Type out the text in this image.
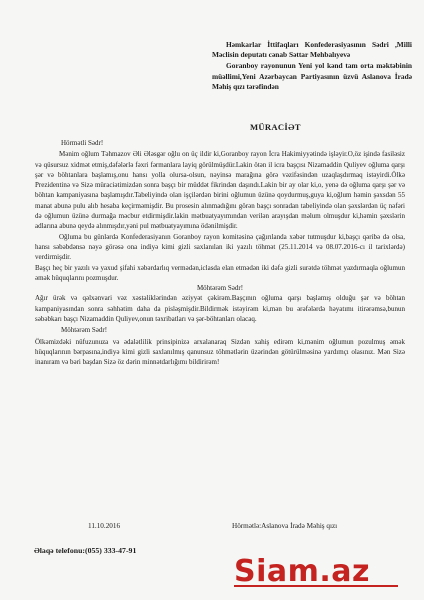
Həmkarlar İttifaqları Konfederasiyasının Sədri ,Milli Məclisin deputatı cənab Səttar Mehbalıyevə
Goranboy rayonunun Yeni yol kənd tam orta məktəbinin müəllimi,Yeni Azərbaycan Partiyasının üzvü Aslanova İradə Məhiş qızı tərəfindən
MÜRACİƏT

Hörmətli Sədr!

Mənim oğlum Təhmazov Əli Ələsgər oğlu on üç ildir ki,Goranboy rayon İcra Hakimiyyətində işləyir.O,öz işində fasiləsiz və qüsursuz xidmət etmiş,dəfələrlə fəxri fərmanlara layiq görülmüşdür.Lakin ötən il icra başçısı Nizamaddin Quliyev oğluma qarşı şər və böhtanlara başlamış,onu hansı yolla olursa-olsun, nəyinsə marağına görə vəzifəsindən uzaqlaşdırmaq istəyirdi.Ölkə Prezidentinə və Sizə müraciətimizdən sonra başçı bir müddət fikrindən daşındı.Lakin bir ay olar ki,o, yenə də oğluma qarşı şər və böhtan kampaniyasına başlamışdır.Tabeliyində olan işçilərdən birini oğlumun üzünə qoydurmuş,guya ki,oğlum həmin şəxsdən 55 manat abunə pulu alıb hesaba keçirməmişdir. Bu prosesin alınmadığını görən başçı sonradan tabeliyində olan şəxslərdən üç nəfəri də oğlumun üzünə durmağa məcbur etdirmişdir.lakin mətbuatyayımından verilən arayışdan məlum olmuşdur ki,həmin şəxslərin adlarına abunə qeydə alınmışdır,yəni pul mətbuatyayımına ödənilmişdir.

Oğluma bu günlərdə Konfederasiyanın Goranboy rayon komitəsinə çağırılanda xəbər tutmuşdur ki,başçı qəribə də olsa, hansı səbəbdənsə nəyə görəsə ona indiyə kimi gizli saxlanılan iki yazılı töhmət (25.11.2014 və 08.07.2016-cı il tarixlərdə) verdirmişdir.

Başçı heç bir yazılı və yaxud şifahi xəbərdarlıq vermədən,iclasda elan etmədən iki dəfə gizli surətdə töhmət yazdırmaqla oğlumun əmək hüquqlarını pozmuşdur.

Möhtərəm Sədr!

Ağır ürək və qəlxənvari vəz xəstəliklərindən əziyyət çəkirəm.Başçının oğluma qarşı başlamış olduğu şər və böhtan kampaniyasından sonra səhhətim daha da pisləşmişdir.Bildirmək istəyirəm ki,mən bu ərəfələrdə həyatımı itirərəmsə,bunun səbəbkarı başçı Nizamaddin Quliyev,onun təxribatları və şər-böhtanları olacaq.

Möhtərəm Sədr!

Ölkəmizdəki nüfuzunuza və ədalətlilik prinsipinizə arxalanaraq Sizdən xahiş edirəm ki,mənim oğlumun pozulmuş əmək hüquqlarının bərpasına,indiyə kimi gizli saxlanılmış qanunsuz töhmətlərin üzərindən götürülməsinə yardımçı olasınız. Mən Sizə inanıram və bəri başdan Sizə öz dərin minnətdarlığımı bildirirəm!

11.10.2016	Hörmətlə:Aslanova İradə Məhiş qızı
Əlaqə telefonu:(055) 333-47-91
Siam.az
